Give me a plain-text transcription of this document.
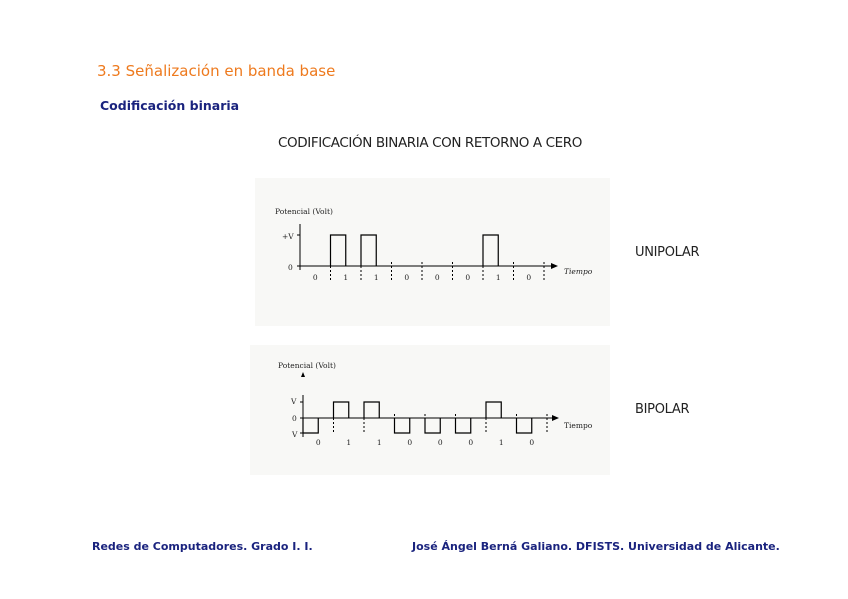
3.3 Señalización en banda base
Codificación binaria
CODIFICACIÓN BINARIA CON RETORNO A CERO
Potencial (Volt)
+V
0	Tiempo
0	1	1	0	0	0	1	0

UNIPOLAR

Potencial (Volt)
V
0
V
Tiempo
0	1	1	0	0	0	1	0

BIPOLAR

Redes de Computadores. Grado I. I.	José Ángel Berná Galiano. DFISTS. Universidad de Alicante.
